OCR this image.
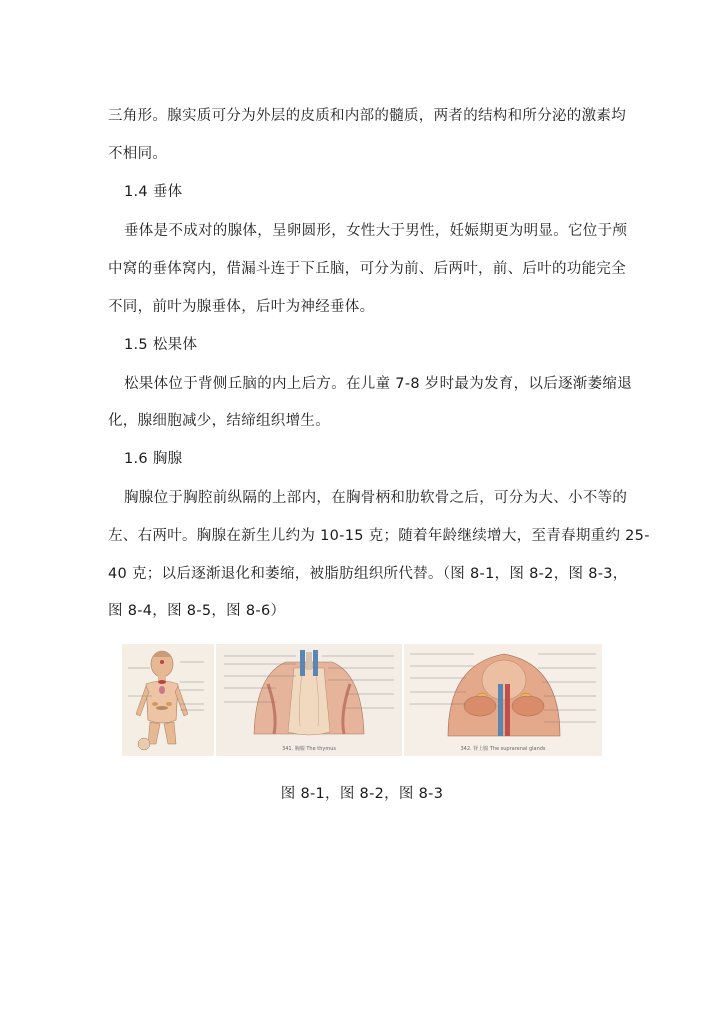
三角形。腺实质可分为外层的皮质和内部的髓质，两者的结构和所分泌的激素均
不相同。
1.4 垂体
垂体是不成对的腺体，呈卵圆形，女性大于男性，妊娠期更为明显。它位于颅
中窝的垂体窝内，借漏斗连于下丘脑，可分为前、后两叶，前、后叶的功能完全
不同，前叶为腺垂体，后叶为神经垂体。
1.5 松果体
松果体位于背侧丘脑的内上后方。在儿童 7-8 岁时最为发育，以后逐渐萎缩退
化，腺细胞减少，结缔组织增生。
1.6 胸腺
胸腺位于胸腔前纵隔的上部内，在胸骨柄和肋软骨之后，可分为大、小不等的
左、右两叶。胸腺在新生儿约为 10-15 克；随着年龄继续增大，至青春期重约 25-
40 克；以后逐渐退化和萎缩，被脂肪组织所代替。（图 8-1，图 8-2，图 8-3，
图 8-4，图 8-5，图 8-6）
341. 胸腺 The thymus	342. 肾上腺 The suprarenal glands
图 8-1，图 8-2，图 8-3
